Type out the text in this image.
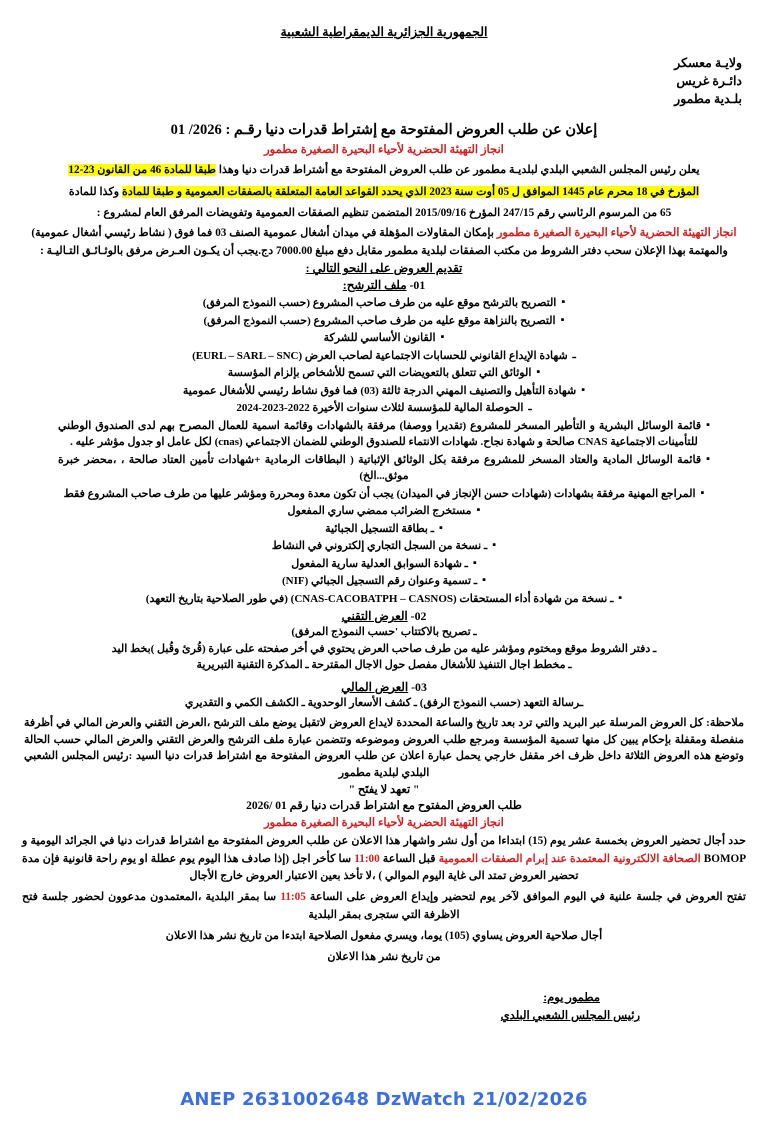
الجمهورية الجزائرية الديمقراطية الشعبية
ولايـة معسكر
دائـرة غريس
بلـدية مطمور
إعلان عن طلب العروض المفتوحة مع إشتراط قدرات دنيا رقـم : 01 /2026
انجاز التهيئة الحضرية لأحياء البحيرة الصغيرة مطمور
يعلن رئيس المجلس الشعبي البلدي لبلديـة مطمور عن طلب العروض المفتوحة مع أشتراط قدرات دنيا وهذا طبقا للمادة 46 من القانون 23-12
المؤرخ في 18 محرم عام 1445 الموافق ل 05 أوت سنة 2023 الذي يحدد القواعد العامة المتعلقة بالصفقات العمومية و طبقا للمادة وكذا للمادة
65 من المرسوم الرئاسي رقم 247/15 المؤرخ 2015/09/16 المتضمن تنظيم الصفقات العمومية وتفويضات المرفق العام لمشروع :
انجاز التهيئة الحضرية لأحياء البحيرة الصغيرة مطمور بإمكان المقاولات المؤهلة في ميدان أشغال عمومية الصنف 03 فما فوق ( نشاط رئيسي أشغال عمومية) والمهتمة بهذا الإعلان سحب دفتر الشروط من مكتب الصفقات لبلدية مطمور مقابل دفع مبلغ 7000.00 دج.يجب أن يكـون العـرض مرفق بالوثـائـق التـاليـة :
تقديم العروض على النحو التالي :
01- ملف الترشح:
▪التصريح بالترشح موقع عليه من طرف صاحب المشروع (حسب النموذج المرفق)
▪التصريح بالنزاهة موقع عليه من طرف صاحب المشروع (حسب النموذج المرفق)
▪القانون الأساسي للشركة
ـشهادة الإيداع القانوني للحسابات الاجتماعية لصاحب العرض (EURL – SARL – SNC)
▪الوثائق التي تتعلق بالتعويضات التي تسمح للأشخاص بإلزام المؤسسة
▪شهادة التأهيل والتصنيف المهني الدرجة ثالثة (03) فما فوق نشاط رئيسي للأشغال عمومية
ـالحوصلة المالية للمؤسسة لثلاث سنوات الأخيرة 2022-2023-2024
▪قائمة الوسائل البشرية و التأطير المسخر للمشروع (تقديرا ووصفا) مرفقة بالشهادات وقائمة اسمية للعمال المصرح بهم لدى الصندوق الوطني للتأمينات الاجتماعية CNAS صالحة و شهادة نجاح. شهادات الانتماء للصندوق الوطني للضمان الاجتماعي (cnas) لكل عامل او جدول مؤشر عليه .
▪قائمة الوسائل المادية والعتاد المسخر للمشروع مرفقة بكل الوثائق الإثباتية ( البطاقات الرمادية +شهادات تأمين العتاد صالحة ، ،محضر خبرة موثق...الخ)
▪المراجع المهنية مرفقة بشهادات (شهادات حسن الإنجاز في الميدان) يجب أن تكون معدة ومحررة ومؤشر عليها من طرف صاحب المشروع فقط
▪مستخرج الضرائب ممضي ساري المفعول
▪ـ بطاقة التسجيل الجبائية
▪ـ نسخة من السجل التجاري إلكتروني في النشاط
▪ـ شهادة السوابق العدلية سارية المفعول
▪ـ تسمية وعنوان رقم التسجيل الجبائي (NIF)
▪ـ نسخة من شهادة أداء المستحقات (CNAS-CACOBATPH – CASNOS) (في طور الصلاحية بتاريخ التعهد)
02- العرض التقني
ـ تصريح بالاكتتاب 'حسب النموذج المرفق)
ـ دفتر الشروط موقع ومختوم ومؤشر عليه من طرف صاحب العرض يحتوي في أخر صفحته على عبارة (قُرئ وقُبل )بخط اليد
ـ مخطط اجال التنفيذ للأشغال مفصل حول الاجال المقترحة ـ المذكرة التقنية التبريرية
03- العرض المالي
ـرسالة التعهد (حسب النموذج الرفق) ـ كشف الأسعار الوحدوية ـ الكشف الكمي و التقديري
ملاحظة: كل العروض المرسلة عبر البريد والتي ترد بعد تاريخ والساعة المحددة لايداع العروض لاتقبل يوضع ملف الترشح ،العرض التقني والعرض المالي في أظرفة منفصلة ومقفلة بإحكام يبين كل منها تسمية المؤسسة ومرجع طلب العروض وموضوعه وتتضمن عبارة ملف الترشح والعرض التقني والعرض المالي حسب الحالة وتوضع هذه العروض الثلاثة داخل ظرف اخر مقفل خارجي يحمل عبارة اعلان عن طلب العروض المفتوحة مع اشتراط قدرات دنيا السيد :رئيس المجلس الشعبي البلدي لبلدية مطمور
" تعهد لا يفتَح "
طلب العروض المفتوح مع اشتراط قدرات دنيا رقم 01 /2026
انجاز التهيئة الحضرية لأحياء البحيرة الصغيرة مطمور
حدد أجال تحضير العروض بخمسة عشر يوم (15) ابتداءا من أول نشر واشهار هذا الاعلان عن طلب العروض المفتوحة مع اشتراط قدرات دنيا في الجرائد اليومية و BOMOP الصحافة الالكترونية المعتمدة عند إبرام الصفقات العمومية قبل الساعة 11:00 سا كأخر اجل (إذا صادف هذا اليوم يوم عطلة او يوم راحة قانونية فإن مدة تحضير العروض تمتد الى غاية اليوم الموالي ) ،لا تأخذ بعين الاعتبار العروض خارج الأجال
تفتح العروض في جلسة علنية في اليوم الموافق لآخر يوم لتحضير وإيداع العروض على الساعة 11:05 سا بمقر البلدية ،المعتمدون مدعوون لحضور جلسة فتح الاظرفة التي ستجرى بمقر البلدية
أجال صلاحية العروض يساوي (105) يوما، ويسري مفعول الصلاحية ابتدءا من تاريخ نشر هذا الاعلان
من تاريخ نشر هذا الاعلان
مطمور يوم:
رئيس المجلس الشعبي البلدي
ANEP 2631002648 DzWatch 21/02/2026
